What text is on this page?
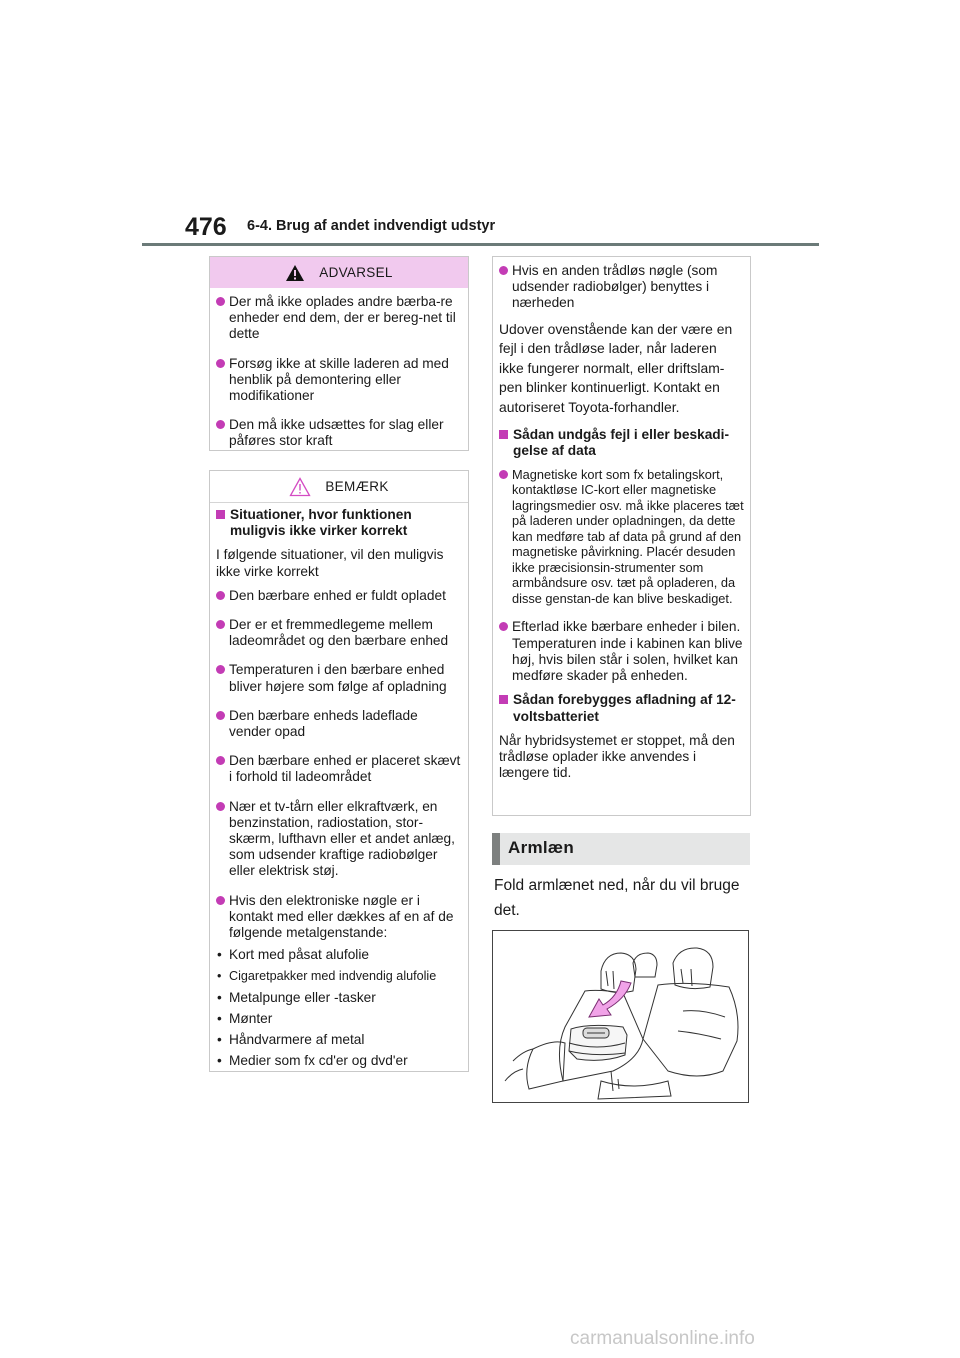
476 6-4. Brug af andet indvendigt udstyr
ADVARSEL
Der må ikke oplades andre bærba-re enheder end dem, der er bereg-net til dette
Forsøg ikke at skille laderen ad med henblik på demontering eller modifikationer
Den må ikke udsættes for slag eller påføres stor kraft
BEMÆRK
Situationer, hvor funktionen muligvis ikke virker korrekt
I følgende situationer, vil den muligvis ikke virke korrekt
Den bærbare enhed er fuldt opladet
Der er et fremmedlegeme mellem ladeområdet og den bærbare enhed
Temperaturen i den bærbare enhed bliver højere som følge af opladning
Den bærbare enheds ladeflade vender opad
Den bærbare enhed er placeret skævt i forhold til ladeområdet
Nær et tv-tårn eller elkraftværk, en benzinstation, radiostation, stor-skærm, lufthavn eller et andet anlæg, som udsender kraftige radiobølger eller elektrisk støj.
Hvis den elektroniske nøgle er i kontakt med eller dækkes af en af de følgende metalgenstande:
• Kort med påsat alufolie
• Cigaretpakker med indvendig alufolie
• Metalpunge eller -tasker
• Mønter
• Håndvarmere af metal
• Medier som fx cd'er og dvd'er
Hvis en anden trådløs nøgle (som udsender radiobølger) benyttes i nærheden
Udover ovenstående kan der være en fejl i den trådløse lader, når laderen ikke fungerer normalt, eller driftslam-pen blinker kontinuerligt. Kontakt en autoriseret Toyota-forhandler.
Sådan undgås fejl i eller beskadi-gelse af data
Magnetiske kort som fx betalingskort, kontaktløse IC-kort eller magnetiske lagringsmedier osv. må ikke placeres tæt på laderen under opladningen, da dette kan medføre tab af data på grund af den magnetiske påvirkning. Placér desuden ikke præcisionsin-strumenter som armbåndsure osv. tæt på opladeren, da disse genstan-de kan blive beskadiget.
Efterlad ikke bærbare enheder i bilen. Temperaturen inde i kabinen kan blive høj, hvis bilen står i solen, hvilket kan medføre skader på enheden.
Sådan forebygges afladning af 12-voltsbatteriet
Når hybridsystemet er stoppet, må den trådløse oplader ikke anvendes i længere tid.
Armlæn
Fold armlænet ned, når du vil bruge det.
carmanualsonline.info
